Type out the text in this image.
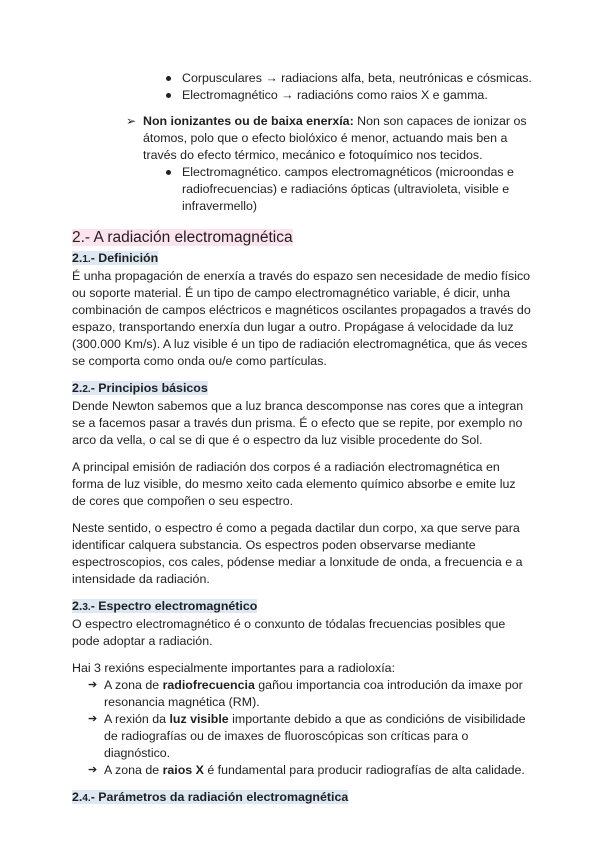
Corpusculares → radiacions alfa, beta, neutrónicas e cósmicas.

Electromagnético → radiacións como raios X e gamma.

➢ Non ionizantes ou de baixa enerxía: Non son capaces de ionizar os átomos, polo que o efecto biolóxico é menor, actuando mais ben a través do efecto térmico, mecánico e fotoquímico nos tecidos.

Electromagnético. campos electromagnéticos (microondas e radiofrecuencias) e radiacións ópticas (ultravioleta, visible e infravermello)

2.- A radiación electromagnética
2.1.- Definición

É unha propagación de enerxía a través do espazo sen necesidade de medio físico ou soporte material. É un tipo de campo electromagnético variable, é dicir, unha combinación de campos eléctricos e magnéticos oscilantes propagados a través do espazo, transportando enerxía dun lugar a outro. Propágase á velocidade da luz (300.000 Km/s). A luz visible é un tipo de radiación electromagnética, que ás veces se comporta como onda ou/e como partículas.

2.2.- Principios básicos

Dende Newton sabemos que a luz branca descomponse nas cores que a integran se a facemos pasar a través dun prisma. É o efecto que se repite, por exemplo no arco da vella, o cal se di que é o espectro da luz visible procedente do Sol.

A principal emisión de radiación dos corpos é a radiación electromagnética en forma de luz visible, do mesmo xeito cada elemento químico absorbe e emite luz de cores que compoñen o seu espectro.

Neste sentido, o espectro é como a pegada dactilar dun corpo, xa que serve para identificar calquera substancia. Os espectros poden observarse mediante espectroscopios, cos cales, pódense mediar a lonxitude de onda, a frecuencia e a intensidade da radiación.

2.3.- Espectro electromagnético

O espectro electromagnético é o conxunto de tódalas frecuencias posibles que pode adoptar a radiación.

Hai 3 rexións especialmente importantes para a radioloxía:

➔ A zona de radiofrecuencia gañou importancia coa introdución da imaxe por resonancia magnética (RM).

➔ A rexión da luz visible importante debido a que as condicións de visibilidade de radiografías ou de imaxes de fluoroscópicas son críticas para o diagnóstico.

➔ A zona de raios X é fundamental para producir radiografías de alta calidade.

2.4.- Parámetros da radiación electromagnética
